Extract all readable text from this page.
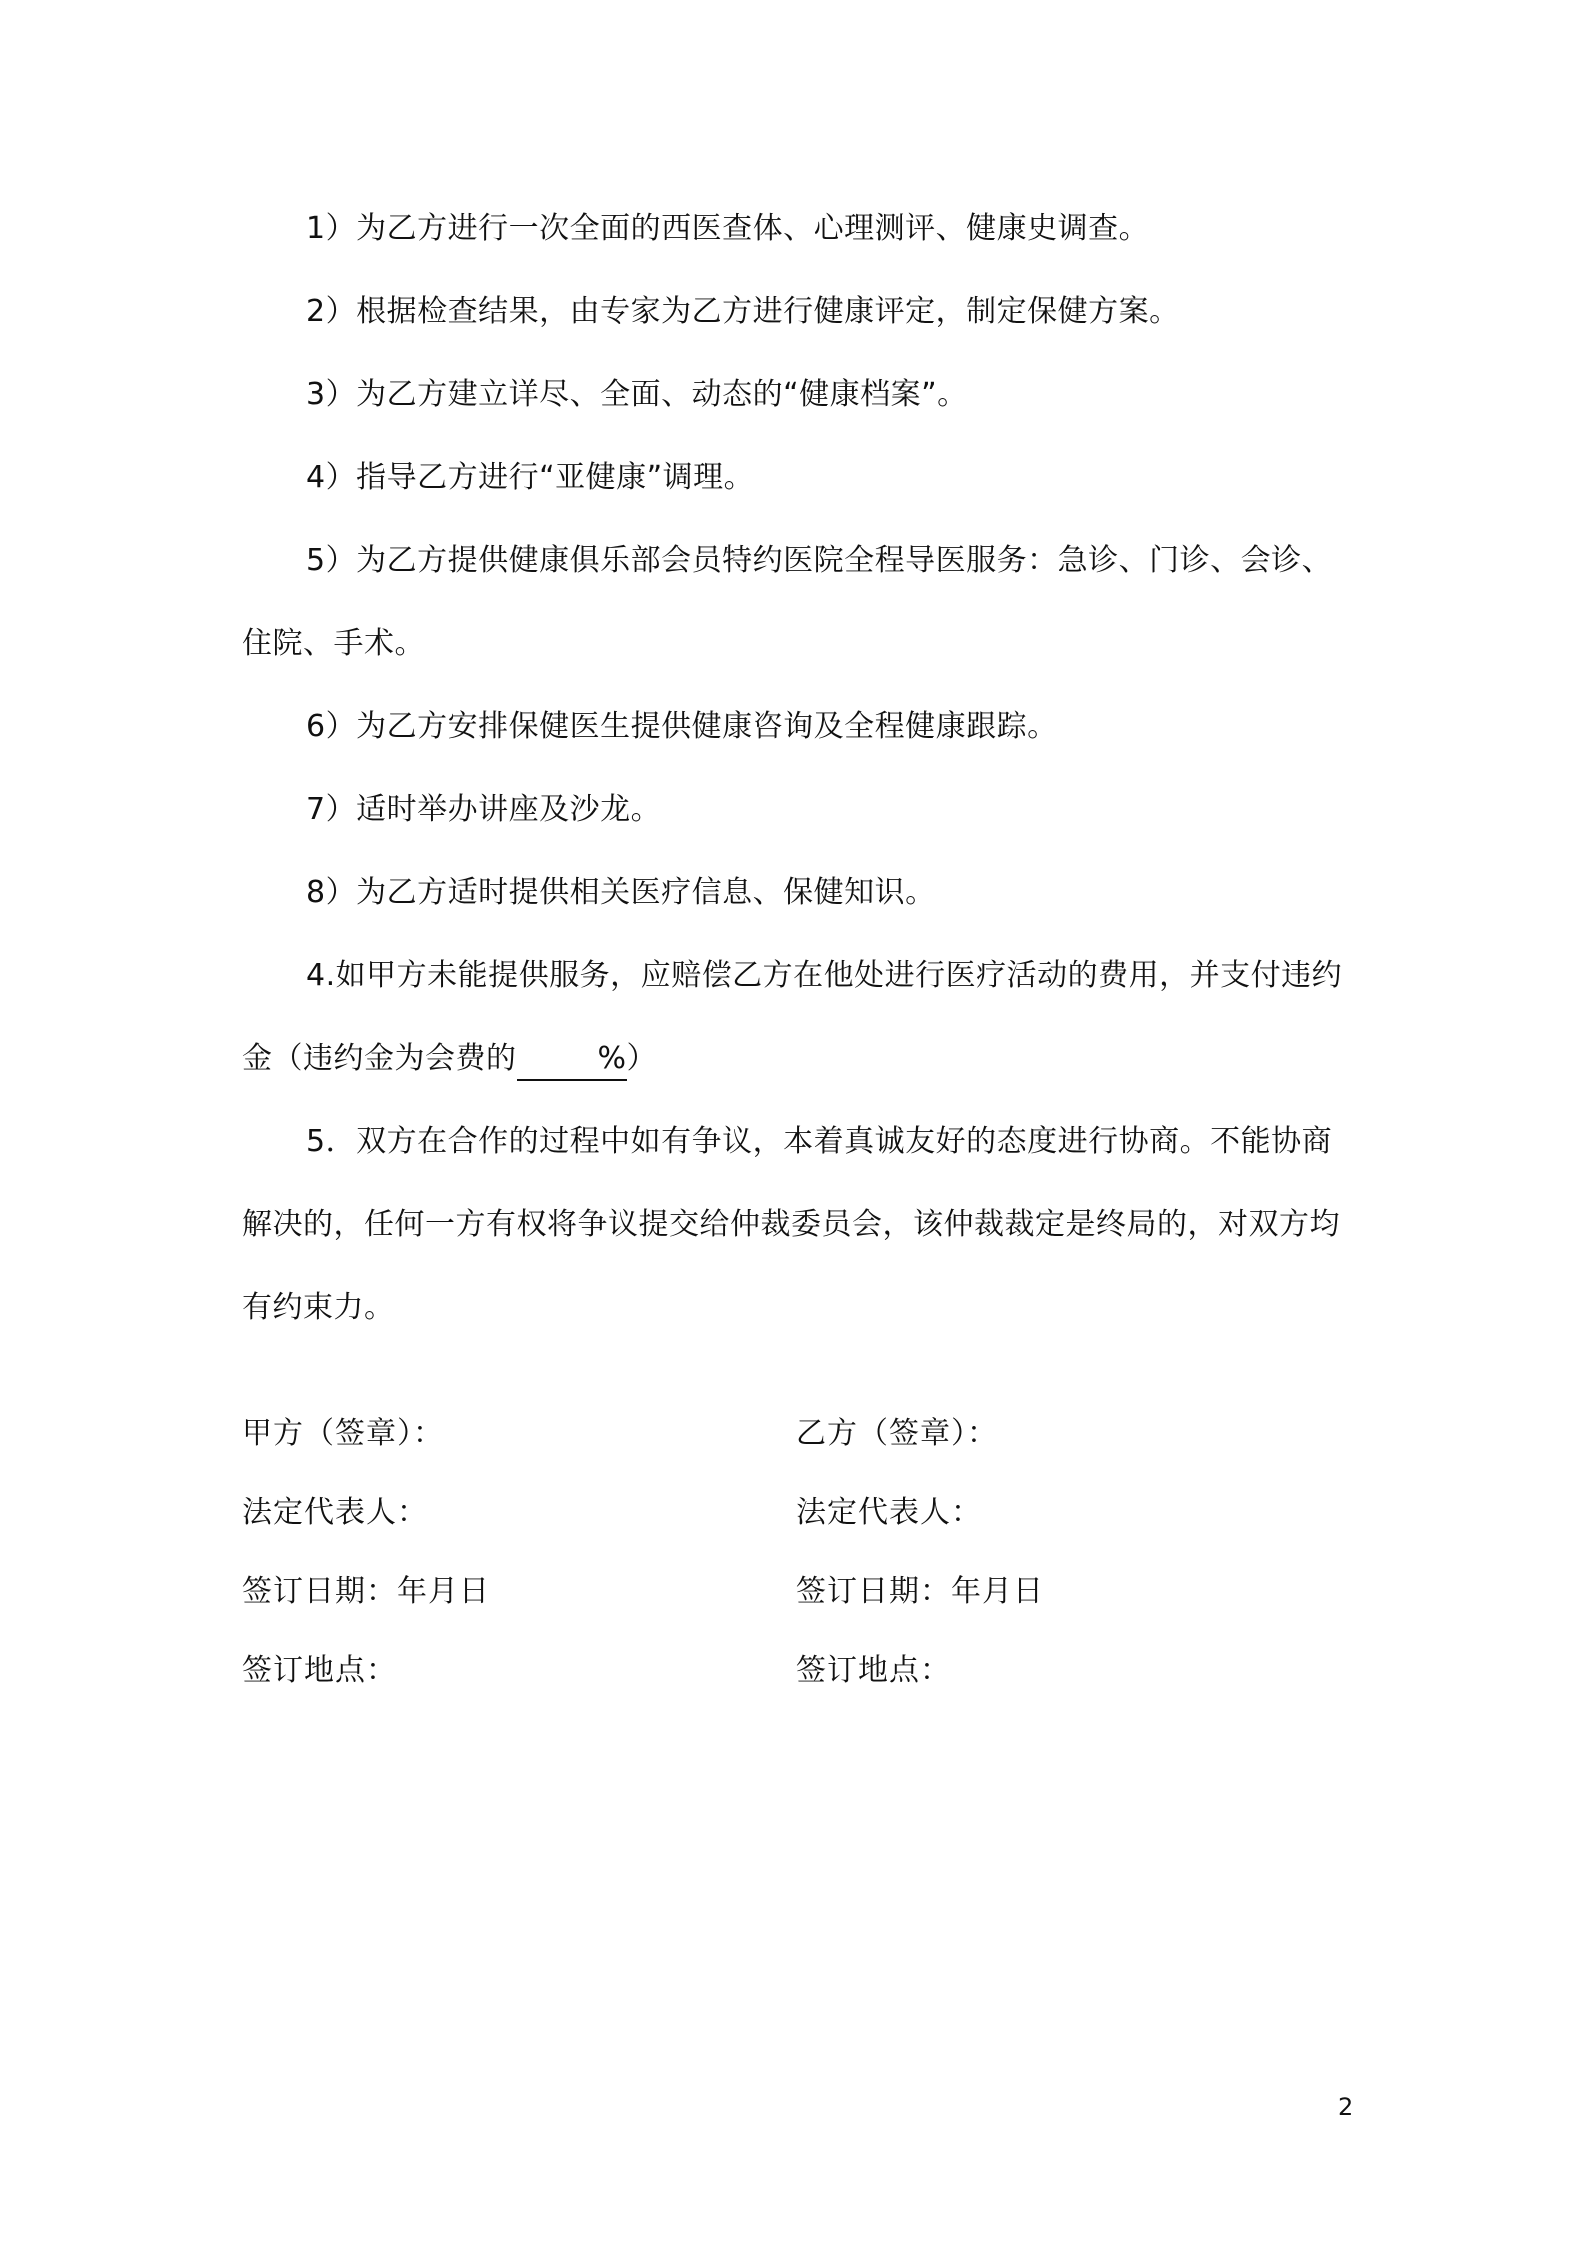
1）为乙方进行一次全面的西医查体、心理测评、健康史调查。
2）根据检查结果，由专家为乙方进行健康评定，制定保健方案。
3）为乙方建立详尽、全面、动态的“健康档案”。
4）指导乙方进行“亚健康”调理。
5）为乙方提供健康俱乐部会员特约医院全程导医服务：急诊、门诊、会诊、住院、手术。
6）为乙方安排保健医生提供健康咨询及全程健康跟踪。
7）适时举办讲座及沙龙。
8）为乙方适时提供相关医疗信息、保健知识。
4.如甲方未能提供服务，应赔偿乙方在他处进行医疗活动的费用，并支付违约金（违约金为会费的	%）
5．双方在合作的过程中如有争议，本着真诚友好的态度进行协商。不能协商解决的，任何一方有权将争议提交给仲裁委员会，该仲裁裁定是终局的，对双方均有约束力。
甲方（签章）：
法定代表人：
签订日期：年月日
签订地点：
乙方（签章）：
法定代表人：
签订日期：年月日
签订地点：
2
